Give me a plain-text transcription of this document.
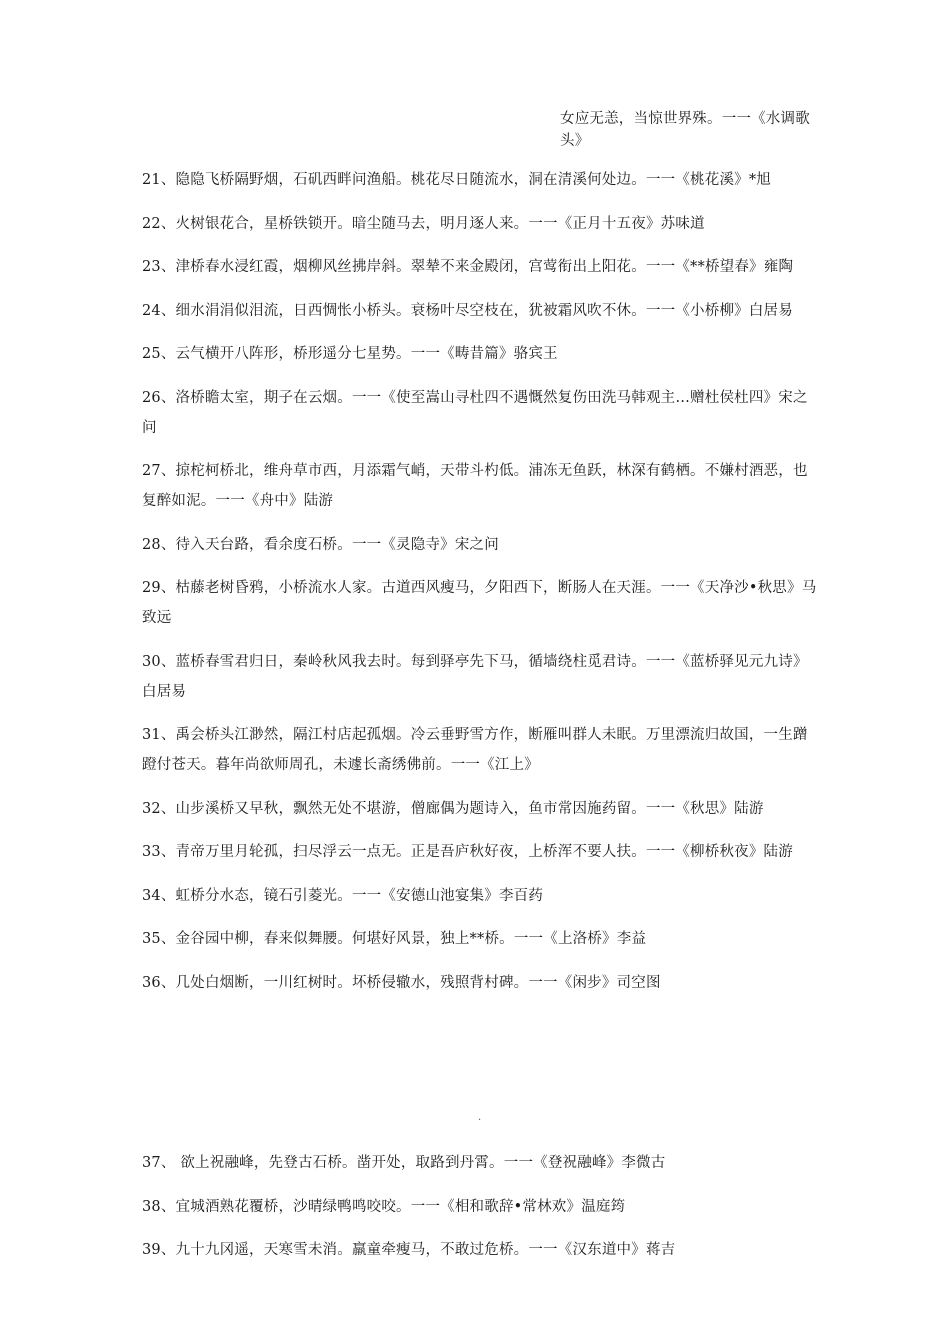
女应无恙，当惊世界殊。一一《水调歌头》

21、隐隐飞桥隔野烟，石矶西畔问渔船。桃花尽日随流水，洞在清溪何处边。一一《桃花溪》*旭

22、火树银花合，星桥铁锁开。暗尘随马去，明月逐人来。一一《正月十五夜》苏味道

23、津桥春水浸红霞，烟柳风丝拂岸斜。翠辇不来金殿闭，宫莺衔出上阳花。一一《**桥望春》雍陶

24、细水涓涓似泪流，日西惆怅小桥头。衰杨叶尽空枝在，犹被霜风吹不休。一一《小桥柳》白居易

25、云气横开八阵形，桥形遥分七星势。一一《畴昔篇》骆宾王

26、洛桥瞻太室，期子在云烟。一一《使至嵩山寻杜四不遇慨然复伤田洗马韩观主…赠杜侯杜四》宋之问

27、掠柁柯桥北，维舟草市西，月添霜气峭，天带斗杓低。浦冻无鱼跃，林深有鹤栖。不嫌村酒恶，也复醉如泥。一一《舟中》陆游

28、待入天台路，看余度石桥。一一《灵隐寺》宋之问

29、枯藤老树昏鸦，小桥流水人家。古道西风瘦马，夕阳西下，断肠人在天涯。一一《天净沙•秋思》马致远

30、蓝桥春雪君归日，秦岭秋风我去时。每到驿亭先下马，循墙绕柱觅君诗。一一《蓝桥驿见元九诗》白居易

31、禹会桥头江渺然，隔江村店起孤烟。冷云垂野雪方作，断雁叫群人未眠。万里漂流归故国，一生蹭蹬付苍天。暮年尚欲师周孔，未遽长斋绣佛前。一一《江上》

32、山步溪桥又早秋，飘然无处不堪游，僧廊偶为题诗入，鱼市常因施药留。一一《秋思》陆游

33、青帝万里月轮孤，扫尽浮云一点无。正是吾庐秋好夜，上桥浑不要人扶。一一《柳桥秋夜》陆游

34、虹桥分水态，镜石引菱光。一一《安德山池宴集》李百药

35、金谷园中柳，春来似舞腰。何堪好风景，独上**桥。一一《上洛桥》李益

36、几处白烟断，一川红树时。坏桥侵辙水，残照背村碑。一一《闲步》司空图

.

37、 欲上祝融峰，先登古石桥。凿开处，取路到丹霄。一一《登祝融峰》李微古

38、宜城酒熟花覆桥，沙晴绿鸭鸣咬咬。一一《相和歌辞•常林欢》温庭筠

39、九十九冈遥，天寒雪未消。羸童牵瘦马，不敢过危桥。一一《汉东道中》蒋吉
